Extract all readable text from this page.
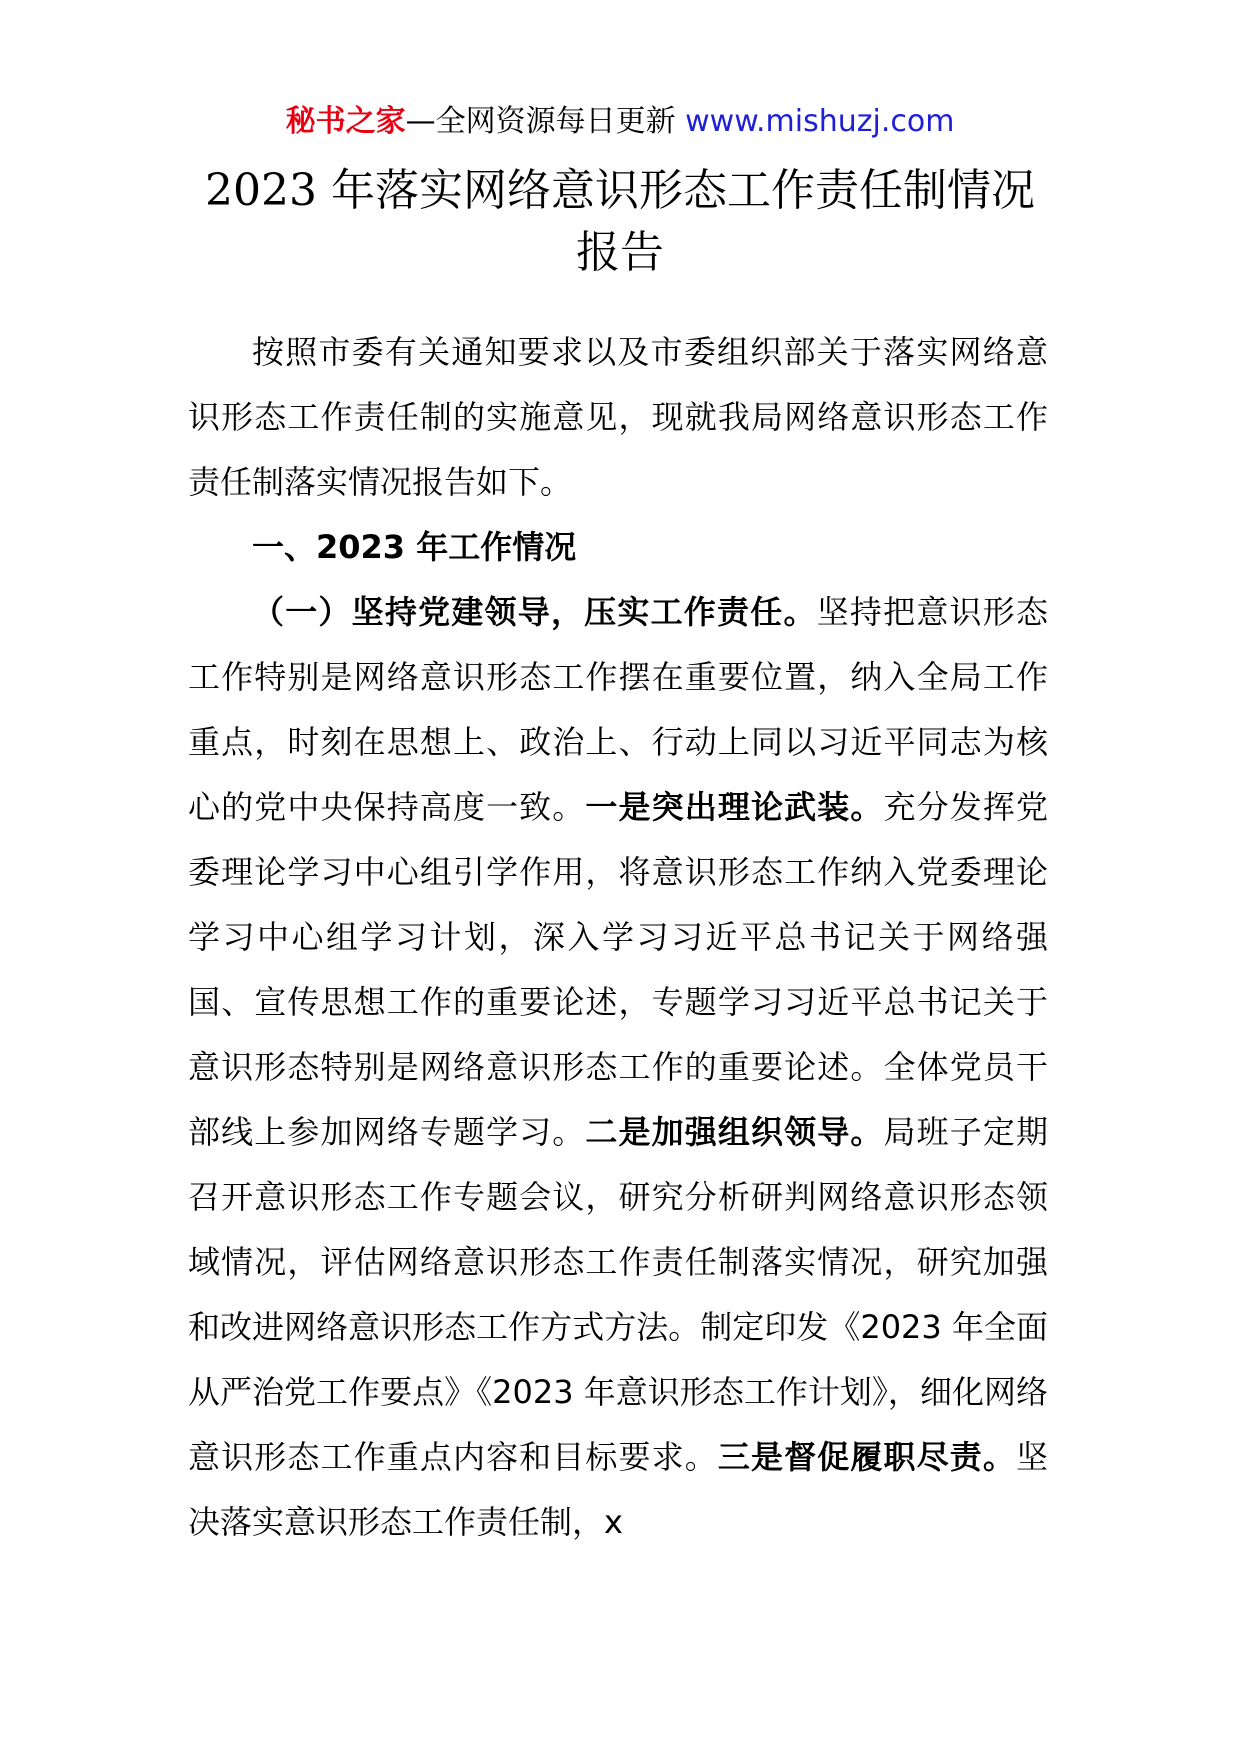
秘书之家—全网资源每日更新 www.mishuzj.com
2023 年落实网络意识形态工作责任制情况
报告

按照市委有关通知要求以及市委组织部关于落实网络意识形态工作责任制的实施意见，现就我局网络意识形态工作责任制落实情况报告如下。

一、2023 年工作情况

（一）坚持党建领导，压实工作责任。坚持把意识形态工作特别是网络意识形态工作摆在重要位置，纳入全局工作重点，时刻在思想上、政治上、行动上同以习近平同志为核心的党中央保持高度一致。一是突出理论武装。充分发挥党委理论学习中心组引学作用，将意识形态工作纳入党委理论学习中心组学习计划，深入学习习近平总书记关于网络强国、宣传思想工作的重要论述，专题学习习近平总书记关于意识形态特别是网络意识形态工作的重要论述。全体党员干部线上参加网络专题学习。二是加强组织领导。局班子定期召开意识形态工作专题会议，研究分析研判网络意识形态领域情况，评估网络意识形态工作责任制落实情况，研究加强和改进网络意识形态工作方式方法。制定印发《2023 年全面从严治党工作要点》《2023 年意识形态工作计划》，细化网络意识形态工作重点内容和目标要求。三是督促履职尽责。坚决落实意识形态工作责任制，x
